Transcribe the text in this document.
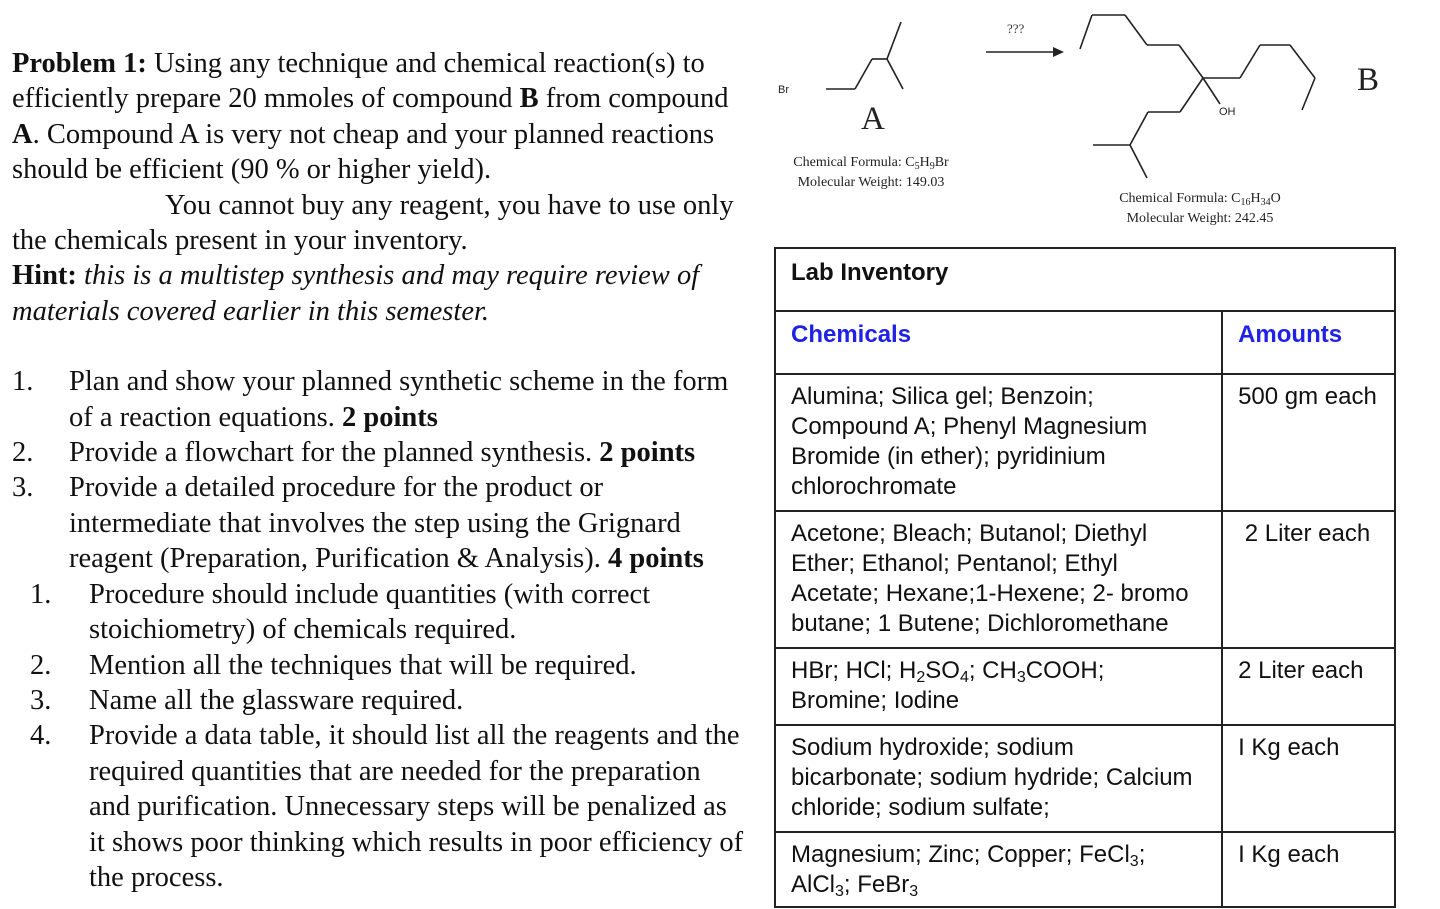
Problem 1: Using any technique and chemical reaction(s) to efficiently prepare 20 mmoles of compound B from compound A. Compound A is very not cheap and your planned reactions should be efficient (90 % or higher yield).

You cannot buy any reagent, you have to use only the chemicals present in your inventory.

Hint: this is a multistep synthesis and may require review of materials covered earlier in this semester.

1. Plan and show your planned synthetic scheme in the form of a reaction equations. 2 points
2. Provide a flowchart for the planned synthesis. 2 points
3. Provide a detailed procedure for the product or intermediate that involves the step using the Grignard reagent (Preparation, Purification & Analysis). 4 points
1. Procedure should include quantities (with correct stoichiometry) of chemicals required.
2. Mention all the techniques that will be required.
3. Name all the glassware required.
4. Provide a data table, it should list all the reagents and the required quantities that are needed for the preparation and purification. Unnecessary steps will be penalized as it shows poor thinking which results in poor efficiency of the process.
Br
A
Chemical Formula: $C_5H_9Br$
Molecular Weight: 149.03
???
OH
B
Chemical Formula: $C_{16}H_{34}O$
Molecular Weight: 242.45
Lab Inventory	
Chemicals	Amounts
Alumina; Silica gel; Benzoin; Compound A; Phenyl Magnesium Bromide (in ether); pyridinium chlorochromate	500 gm each
Acetone; Bleach; Butanol; Diethyl Ether; Ethanol; Pentanol; Ethyl Acetate; Hexane;1-Hexene; 2- bromo butane; 1 Butene; Dichloromethane	2 Liter each
HBr; HCl; $H_2SO_4$; $CH_3COOH$; Bromine; Iodine	2 Liter each
Sodium hydroxide; sodium bicarbonate; sodium hydride; Calcium chloride; sodium sulfate;	I Kg each
Magnesium; Zinc; Copper; FeCl$_3$; AlCl$_3$; FeBr$_3$	I Kg each
